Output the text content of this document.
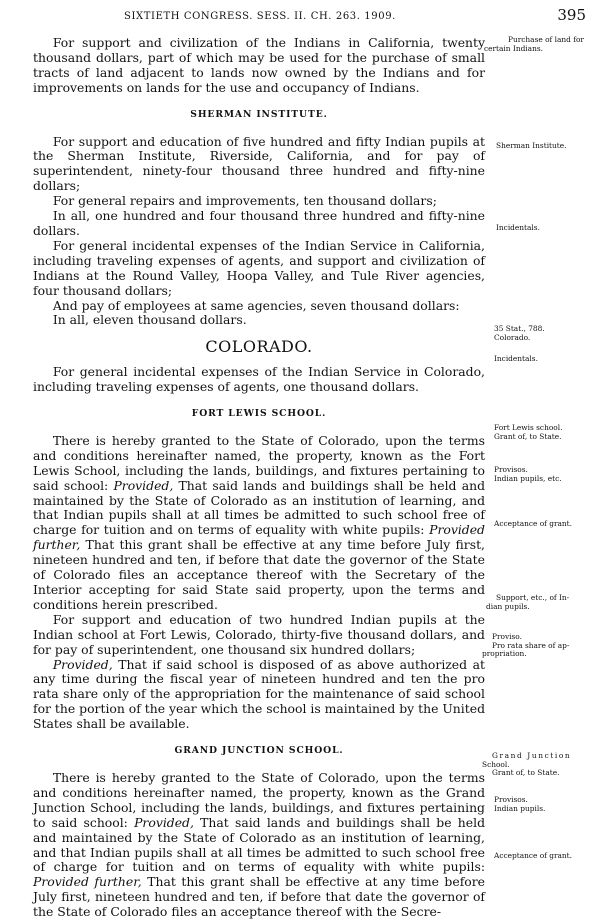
SIXTIETH CONGRESS. SESS. II. CH. 263. 1909.	395

For support and civilization of the Indians in California, twenty thousand dollars, part of which may be used for the purchase of small tracts of land adjacent to lands now owned by the Indians and for improvements on lands for the use and occupancy of Indians.

SHERMAN INSTITUTE.

For support and education of five hundred and fifty Indian pupils at the Sherman Institute, Riverside, California, and for pay of superintendent, ninety-four thousand three hundred and fifty-nine dollars;

For general repairs and improvements, ten thousand dollars;

In all, one hundred and four thousand three hundred and fifty-nine dollars.

For general incidental expenses of the Indian Service in California, including traveling expenses of agents, and support and civilization of Indians at the Round Valley, Hoopa Valley, and Tule River agencies, four thousand dollars;

And pay of employees at same agencies, seven thousand dollars:

In all, eleven thousand dollars.

COLORADO.

For general incidental expenses of the Indian Service in Colorado, including traveling expenses of agents, one thousand dollars.

FORT LEWIS SCHOOL.

There is hereby granted to the State of Colorado, upon the terms and conditions hereinafter named, the property, known as the Fort Lewis School, including the lands, buildings, and fixtures pertaining to said school: Provided, That said lands and buildings shall be held and maintained by the State of Colorado as an institution of learning, and that Indian pupils shall at all times be admitted to such school free of charge for tuition and on terms of equality with white pupils: Provided further, That this grant shall be effective at any time before July first, nineteen hundred and ten, if before that date the governor of the State of Colorado files an acceptance thereof with the Secretary of the Interior accepting for said State said property, upon the terms and conditions herein prescribed.

For support and education of two hundred Indian pupils at the Indian school at Fort Lewis, Colorado, thirty-five thousand dollars, and for pay of superintendent, one thousand six hundred dollars;

Provided, That if said school is disposed of as above authorized at any time during the fiscal year of nineteen hundred and ten the pro rata share only of the appropriation for the maintenance of said school for the portion of the year which the school is maintained by the United States shall be available.

GRAND JUNCTION SCHOOL.

There is hereby granted to the State of Colorado, upon the terms and conditions hereinafter named, the property, known as the Grand Junction School, including the lands, buildings, and fixtures pertaining to said school: Provided, That said lands and buildings shall be held and maintained by the State of Colorado as an institution of learning, and that Indian pupils shall at all times be admitted to such school free of charge for tuition and on terms of equality with white pupils: Provided further, That this grant shall be effective at any time before July first, nineteen hundred and ten, if before that date the governor of the State of Colorado files an acceptance thereof with the Secre-

Purchase of land for
certain Indians.
Sherman Institute.
Incidentals.
35 Stat., 788.
Colorado.
Incidentals.
Fort Lewis school.
Grant of, to State.
Provisos.
Indian pupils, etc.
Acceptance of grant.
Support, etc., of In-
dian pupils.
Proviso.
Pro rata share of ap-
propriation.
Grand Junction
School.
Grant of, to State.
Provisos.
Indian pupils.
Acceptance of grant.
